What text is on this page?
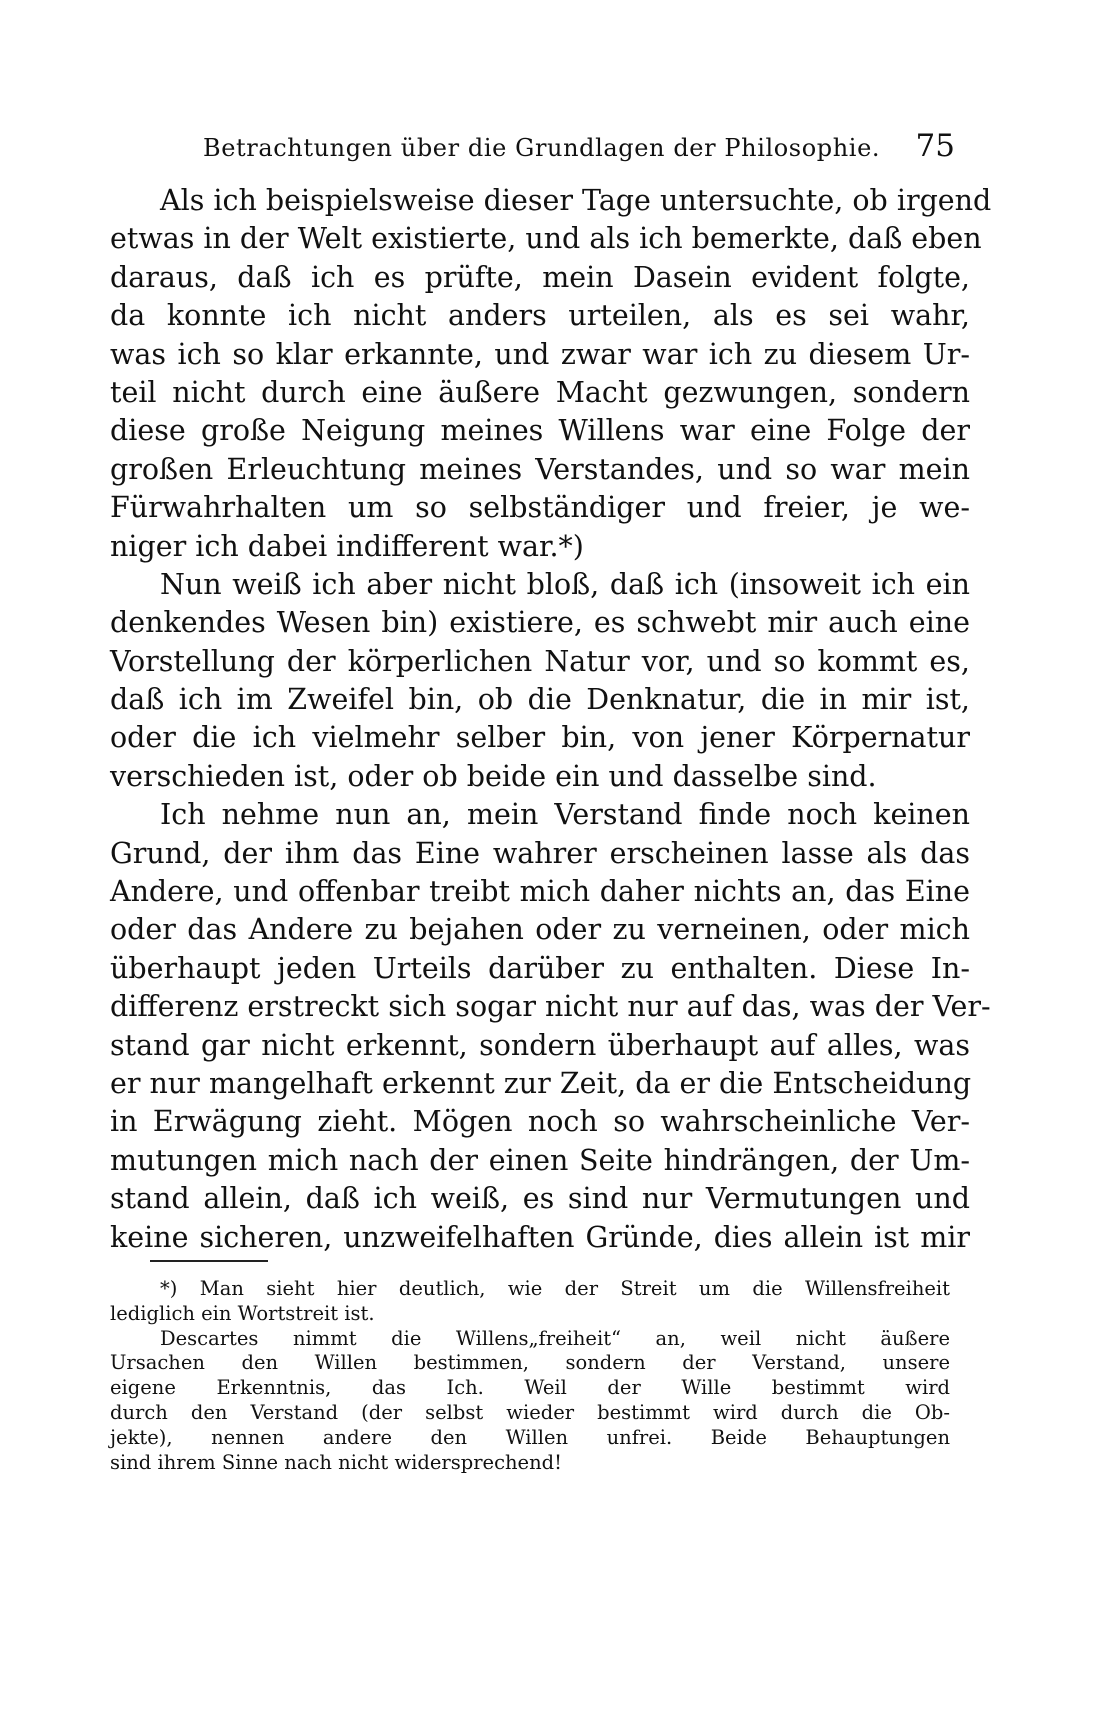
Betrachtungen über die Grundlagen der Philosophie. 75
Als ich beispielsweise dieser Tage untersuchte, ob irgend
etwas in der Welt existierte, und als ich bemerkte, daß eben
daraus, daß ich es prüfte, mein Dasein evident folgte,
da konnte ich nicht anders urteilen, als es sei wahr,
was ich so klar erkannte, und zwar war ich zu diesem Ur-
teil nicht durch eine äußere Macht gezwungen, sondern
diese große Neigung meines Willens war eine Folge der
großen Erleuchtung meines Verstandes, und so war mein
Fürwahrhalten um so selbständiger und freier, je we-
niger ich dabei indifferent war.*)
Nun weiß ich aber nicht bloß, daß ich (insoweit ich ein
denkendes Wesen bin) existiere, es schwebt mir auch eine
Vorstellung der körperlichen Natur vor, und so kommt es,
daß ich im Zweifel bin, ob die Denknatur, die in mir ist,
oder die ich vielmehr selber bin, von jener Körpernatur
verschieden ist, oder ob beide ein und dasselbe sind.
Ich nehme nun an, mein Verstand finde noch keinen
Grund, der ihm das Eine wahrer erscheinen lasse als das
Andere, und offenbar treibt mich daher nichts an, das Eine
oder das Andere zu bejahen oder zu verneinen, oder mich
überhaupt jeden Urteils darüber zu enthalten. Diese In-
differenz erstreckt sich sogar nicht nur auf das, was der Ver-
stand gar nicht erkennt, sondern überhaupt auf alles, was
er nur mangelhaft erkennt zur Zeit, da er die Entscheidung
in Erwägung zieht. Mögen noch so wahrscheinliche Ver-
mutungen mich nach der einen Seite hindrängen, der Um-
stand allein, daß ich weiß, es sind nur Vermutungen und
keine sicheren, unzweifelhaften Gründe, dies allein ist mir
*) Man sieht hier deutlich, wie der Streit um die Willensfreiheit
lediglich ein Wortstreit ist.
Descartes nimmt die Willens„freiheit“ an, weil nicht äußere
Ursachen den Willen bestimmen, sondern der Verstand, unsere
eigene Erkenntnis, das Ich. Weil der Wille bestimmt wird
durch den Verstand (der selbst wieder bestimmt wird durch die Ob-
jekte), nennen andere den Willen unfrei. Beide Behauptungen
sind ihrem Sinne nach nicht widersprechend!
